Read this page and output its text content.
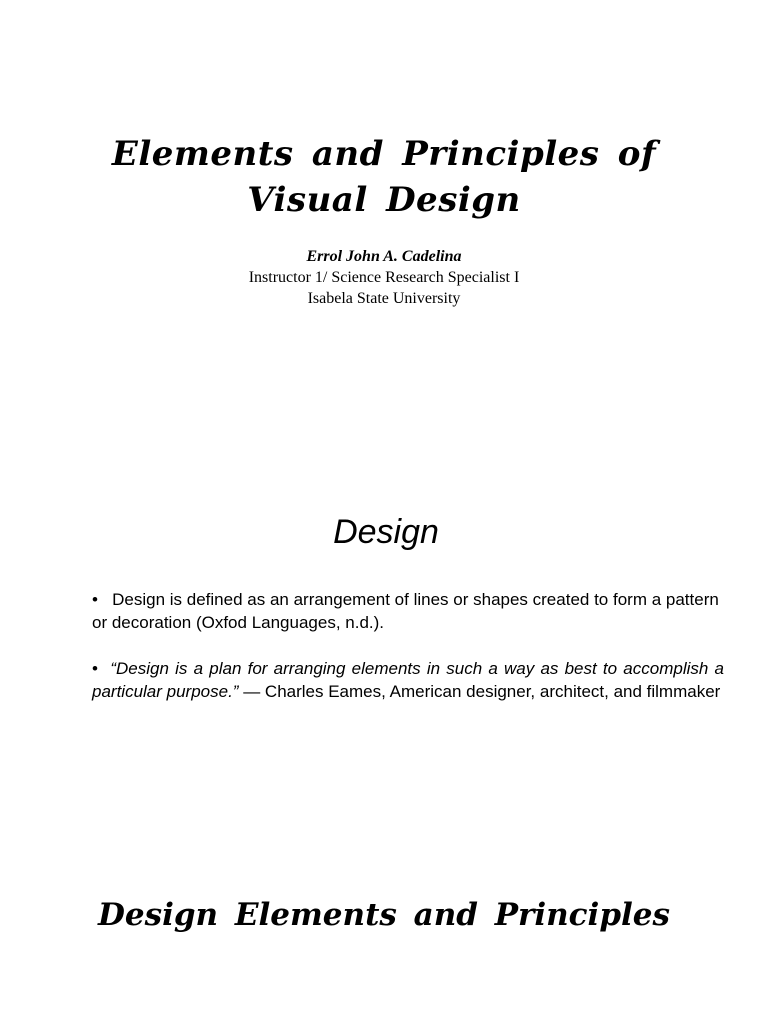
Elements and Principles of
Visual Design
Errol John A. Cadelina
Instructor 1/ Science Research Specialist I
Isabela State University
Design

• Design is defined as an arrangement of lines or shapes created to form a pattern or decoration (Oxfod Languages, n.d.).

• “Design is a plan for arranging elements in such a way as best to accomplish a particular purpose.” — Charles Eames, American designer, architect, and filmmaker

Design Elements and Principles
